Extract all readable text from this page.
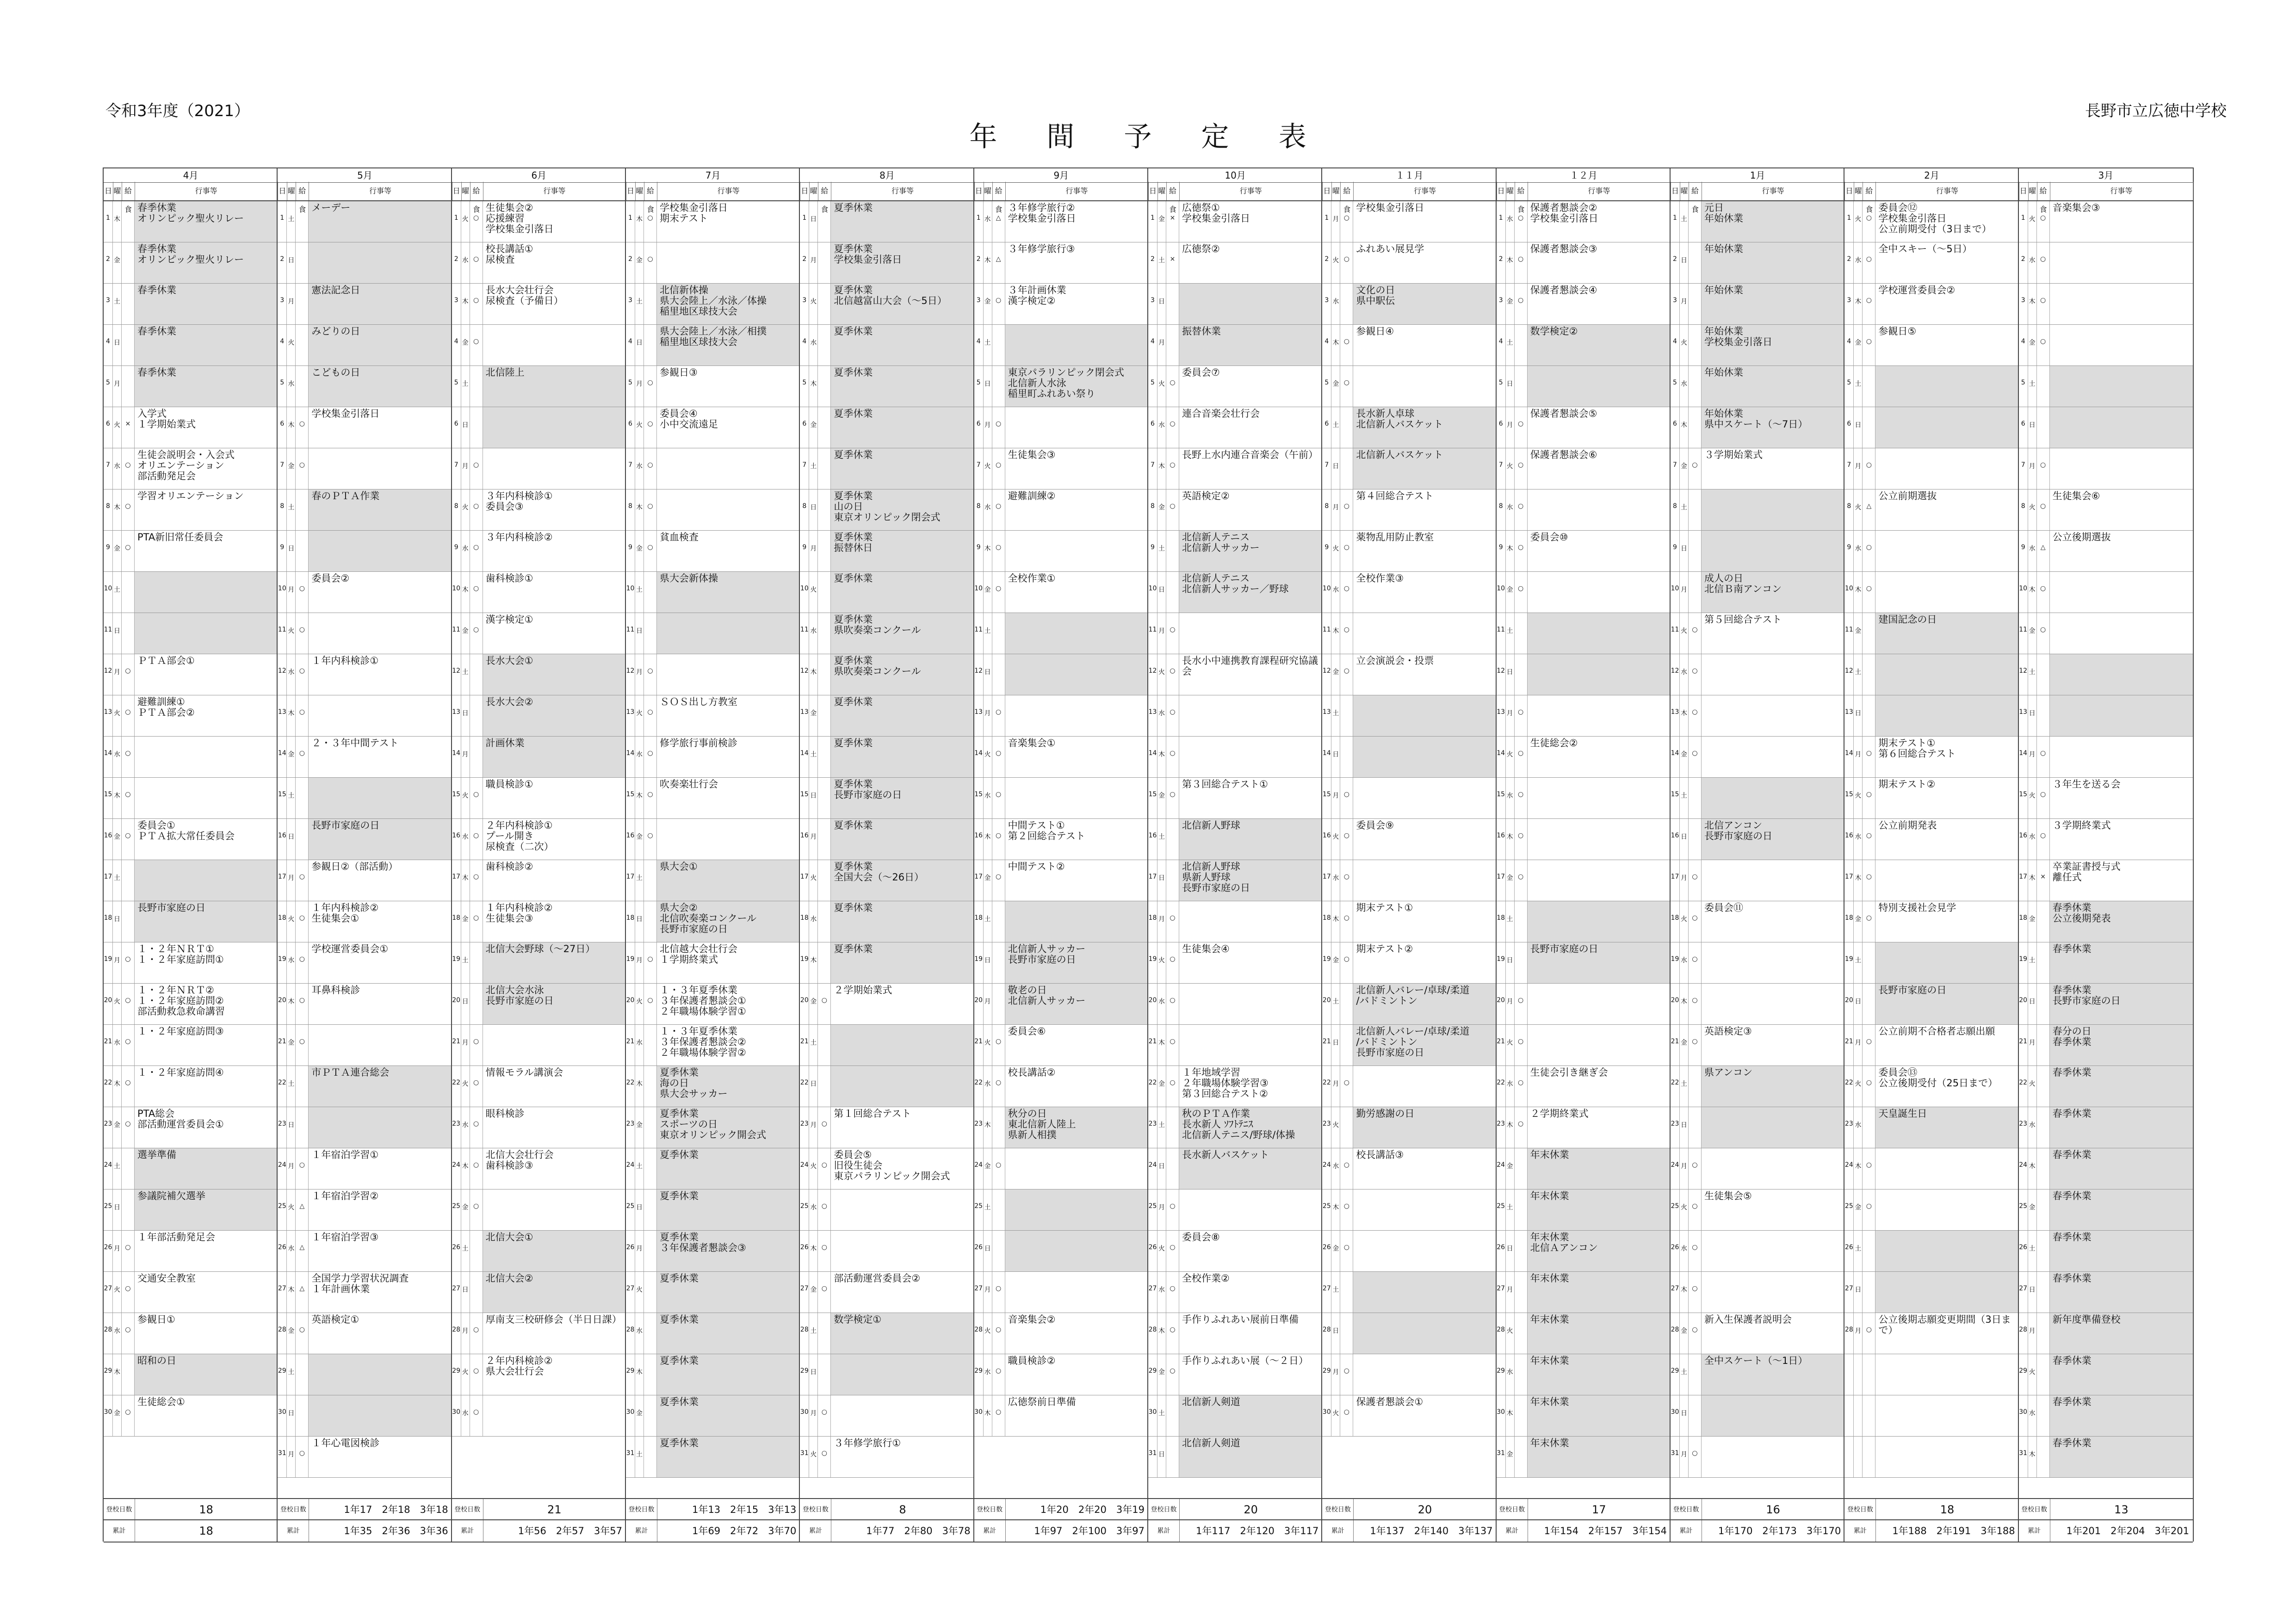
令和3年度（2021）
年 間 予 定 表
長野市立広徳中学校
4月
日 曜 給食
行事等
1 木
春季休業
オリンピック聖火リレー
2 金
春季休業
オリンピック聖火リレー
3 土
春季休業
4 日
春季休業
5 月
春季休業
6 火 ×
入学式
１学期始業式
7 水 ○
生徒会説明会・入会式
オリエンテーション
部活動発足会
8 木 ○
学習オリエンテーション
9 金 ○
PTA新旧常任委員会
10 土
11 日
12 月 ○
ＰＴＡ部会①
13 火 ○
避難訓練①
ＰＴＡ部会②
14 水 ○
15 木 ○
16 金 ○
委員会①
ＰＴＡ拡大常任委員会
17 土
18 日
長野市家庭の日
19 月 ○
１・２年ＮＲＴ①
１・２年家庭訪問①
20 火 ○
１・２年ＮＲＴ②
１・２年家庭訪問②
部活動救急救命講習
21 水 ○
１・２年家庭訪問③
22 木 ○
１・２年家庭訪問④
23 金 ○
PTA総会
部活動運営委員会①
24 土
選挙準備
25 日
参議院補欠選挙
26 月 ○
１年部活動発足会
27 火 ○
交通安全教室
28 水 ○
参観日①
29 木
昭和の日
30 金 ○
生徒総会①
登校日数	18
累計	18
5月
日 曜 給食
行事等
1 土
メーデー
2 日
3 月
憲法記念日
4 火
みどりの日
5 水
こどもの日
6 木 ○
学校集金引落日
7 金 ○
8 土
春のＰＴＡ作業
9 日
10 月 ○
委員会②
11 火 ○
12 水 ○
１年内科検診①
13 木 ○
14 金 ○
２・３年中間テスト
15 土
16 日
長野市家庭の日
17 月 ○
参観日②（部活動）
18 火 ○
１年内科検診②
生徒集会①
19 水 ○
学校運営委員会①
20 木 ○
耳鼻科検診
21 金 ○
22 土
市ＰＴＡ連合総会
23 日
24 月 ○
１年宿泊学習①
25 火 △
１年宿泊学習②
26 水 △
１年宿泊学習③
27 木 △
全国学力学習状況調査
１年計画休業
28 金 ○
英語検定①
29 土
30 日
31 月 ○
１年心電図検診
登校日数	1年17　2年18　3年18
累計	1年35　2年36　3年36
6月
日 曜 給食
行事等
1 火 ○
生徒集会②
応援練習
学校集金引落日
2 水 ○
校長講話①
尿検査
3 木 ○
長水大会壮行会
尿検査（予備日）
4 金 ○
5 土
北信陸上
6 日
7 月 ○
8 火 ○
３年内科検診①
委員会③
9 水 ○
３年内科検診②
10 木 ○
歯科検診①
11 金 ○
漢字検定①
12 土
長水大会①
13 日
長水大会②
14 月
計画休業
15 火 ○
職員検診①
16 水 ○
２年内科検診①
プール開き
尿検査（二次）
17 木 ○
歯科検診②
18 金 ○
１年内科検診②
生徒集会③
19 土
北信大会野球（～27日）
20 日
北信大会水泳
長野市家庭の日
21 月 ○
22 火 ○
情報モラル講演会
23 水 ○
眼科検診
24 木 ○
北信大会壮行会
歯科検診③
25 金 ○
26 土
北信大会①
27 日
北信大会②
28 月 ○
厚南支三校研修会（半日日課）
29 火 ○
２年内科検診②
県大会壮行会
30 水 ○
登校日数	21
累計	1年56　2年57　3年57
7月
日 曜 給食
行事等
1 木 ○
学校集金引落日
期末テスト
2 金 ○
3 土
北信新体操
県大会陸上／水泳／体操
稲里地区球技大会
4 日
県大会陸上／水泳／相撲
稲里地区球技大会
5 月 ○
参観日③
6 火 ○
委員会④
小中交流遠足
7 水 ○
8 木 ○
9 金 ○
貧血検査
10 土
県大会新体操
11 日
12 月 ○
13 火 ○
ＳＯＳ出し方教室
14 水 ○
修学旅行事前検診
15 木 ○
吹奏楽壮行会
16 金 ○
17 土
県大会①
18 日
県大会②
北信吹奏楽コンクール
長野市家庭の日
19 月 ○
北信越大会壮行会
１学期終業式
20 火 ○
１・３年夏季休業
３年保護者懇談会①
２年職場体験学習①
21 水
１・３年夏季休業
３年保護者懇談会②
２年職場体験学習②
22 木
夏季休業
海の日
県大会サッカー
23 金
夏季休業
スポーツの日
東京オリンピック開会式
24 土
夏季休業
25 日
夏季休業
26 月
夏季休業
３年保護者懇談会③
27 火
夏季休業
28 水
夏季休業
29 木
夏季休業
30 金
夏季休業
31 土
夏季休業
登校日数	1年13　2年15　3年13
累計	1年69　2年72　3年70
8月
日 曜 給食
行事等
1 日
夏季休業
2 月
夏季休業
学校集金引落日
3 火
夏季休業
北信越富山大会（～5日）
4 水
夏季休業
5 木
夏季休業
6 金
夏季休業
7 土
夏季休業
8 日
夏季休業
山の日
東京オリンピック閉会式
9 月
夏季休業
振替休日
10 火
夏季休業
11 水
夏季休業
県吹奏楽コンクール
12 木
夏季休業
県吹奏楽コンクール
13 金
夏季休業
14 土
夏季休業
15 日
夏季休業
長野市家庭の日
16 月
夏季休業
17 火
夏季休業
全国大会（～26日）
18 水
夏季休業
19 木
夏季休業
20 金 ○
２学期始業式
21 土
22 日
23 月 ○
第１回総合テスト
24 火 ○
委員会⑤
旧役生徒会
東京パラリンピック開会式
25 水 ○
26 木 ○
27 金 ○
部活動運営委員会②
28 土
数学検定①
29 日
30 月 ○
31 火 ○
３年修学旅行①
登校日数	8
累計	1年77　2年80　3年78
9月
日 曜 給食
行事等
1 水 △
３年修学旅行②
学校集金引落日
2 木 △
３年修学旅行③
3 金 ○
３年計画休業
漢字検定②
4 土
5 日
東京パラリンピック閉会式
北信新人水泳
稲里町ふれあい祭り
6 月 ○
7 火 ○
生徒集会③
8 水 ○
避難訓練②
9 木 ○
10 金 ○
全校作業①
11 土
12 日
13 月 ○
14 火 ○
音楽集会①
15 水 ○
16 木 ○
中間テスト①
第２回総合テスト
17 金 ○
中間テスト②
18 土
19 日
北信新人サッカー
長野市家庭の日
20 月
敬老の日
北信新人サッカー
21 火 ○
委員会⑥
22 水 ○
校長講話②
23 木
秋分の日
東北信新人陸上
県新人相撲
24 金 ○
25 土
26 日
27 月 ○
28 火 ○
音楽集会②
29 水 ○
職員検診②
30 木 ○
広徳祭前日準備
登校日数	1年20　2年20　3年19
累計	1年97　2年100　3年97
10月
日 曜 給食
行事等
1 金 ×
広徳祭①
学校集金引落日
2 土 ×
広徳祭②
3 日
4 月
振替休業
5 火 ○
委員会⑦
6 水 ○
連合音楽会壮行会
7 木 ○
長野上水内連合音楽会（午前）
8 金 ○
英語検定②
9 土
北信新人テニス
北信新人サッカー
10 日
北信新人テニス
北信新人サッカー／野球
11 月 ○
12 火 ○
長水小中連携教育課程研究協議会
13 水 ○
14 木 ○
15 金 ○
第３回総合テスト①
16 土
北信新人野球
17 日
北信新人野球
県新人野球
長野市家庭の日
18 月 ○
19 火 ○
生徒集会④
20 水 ○
21 木 ○
22 金 ○
１年地域学習
２年職場体験学習③
第３回総合テスト②
23 土
秋のＰＴＡ作業
長水新人 ｿﾌﾄﾃﾆｽ
北信新人テニス/野球/体操
24 日
長水新人バスケット
25 月 ○
26 火 ○
委員会⑧
27 水 ○
全校作業②
28 木 ○
手作りふれあい展前日準備
29 金 ○
手作りふれあい展（～２日）
30 土
北信新人剣道
31 日
北信新人剣道
登校日数	20
累計	1年117　2年120　3年117
１１月
日 曜 給食
行事等
1 月 ○
学校集金引落日
2 火 ○
ふれあい展見学
3 水
文化の日
県中駅伝
4 木 ○
参観日④
5 金 ○
6 土
長水新人卓球
北信新人バスケット
7 日
北信新人バスケット
8 月 ○
第４回総合テスト
9 火 ○
薬物乱用防止教室
10 水 ○
全校作業③
11 木 ○
12 金 ○
立会演説会・投票
13 土
14 日
15 月 ○
16 火 ○
委員会⑨
17 水 ○
18 木 ○
期末テスト①
19 金 ○
期末テスト②
20 土
北信新人バレー/卓球/柔道
/バドミントン
21 日
北信新人バレー/卓球/柔道
/バドミントン
長野市家庭の日
22 月 ○
23 火
勤労感謝の日
24 水 ○
校長講話③
25 木 ○
26 金 ○
27 土
28 日
29 月 ○
30 火 ○
保護者懇談会①
登校日数	20
累計	1年137　2年140　3年137
１２月
日 曜 給食
行事等
1 水 ○
保護者懇談会②
学校集金引落日
2 木 ○
保護者懇談会③
3 金 ○
保護者懇談会④
4 土
数学検定②
5 日
6 月 ○
保護者懇談会⑤
7 火 ○
保護者懇談会⑥
8 水 ○
9 木 ○
委員会⑩
10 金 ○
11 土
12 日
13 月 ○
14 火 ○
生徒総会②
15 水 ○
16 木 ○
17 金 ○
18 土
19 日
長野市家庭の日
20 月 ○
21 火 ○
22 水 ○
生徒会引き継ぎ会
23 木 ○
２学期終業式
24 金
年末休業
25 土
年末休業
26 日
年末休業
北信Ａアンコン
27 月
年末休業
28 火
年末休業
29 水
年末休業
30 木
年末休業
31 金
年末休業
登校日数	17
累計	1年154　2年157　3年154
1月
日 曜 給食
行事等
1 土
元日
年始休業
2 日
年始休業
3 月
年始休業
4 火
年始休業
学校集金引落日
5 水
年始休業
6 木
年始休業
県中スケート（～7日）
7 金 ○
３学期始業式
8 土
9 日
10 月
成人の日
北信Ｂ南アンコン
11 火 ○
第５回総合テスト
12 水 ○
13 木 ○
14 金 ○
15 土
16 日
北信アンコン
長野市家庭の日
17 月 ○
18 火 ○
委員会⑪
19 水 ○
20 木 ○
21 金 ○
英語検定③
22 土
県アンコン
23 日
24 月 ○
25 火 ○
生徒集会⑤
26 水 ○
27 木 ○
28 金 ○
新入生保護者説明会
29 土
全中スケート（～1日）
30 日
31 月 ○
登校日数	16
累計	1年170　2年173　3年170
2月
日 曜 給食
行事等
1 火 ○
委員会⑫
学校集金引落日
公立前期受付（3日まで）
2 水 ○
全中スキー（～5日）
3 木 ○
学校運営委員会②
4 金 ○
参観日⑤
5 土
6 日
7 月 ○
8 火 △
公立前期選抜
9 水 ○
10 木 ○
11 金
建国記念の日
12 土
13 日
14 月 ○
期末テスト①
第６回総合テスト
15 火 ○
期末テスト②
16 水 ○
公立前期発表
17 木 ○
18 金 ○
特別支援社会見学
19 土
20 日
長野市家庭の日
21 月 ○
公立前期不合格者志願出願
22 火 ○
委員会⑬
公立後期受付（25日まで）
23 水
天皇誕生日
24 木 ○
25 金 ○
26 土
27 日
28 月 ○
公立後期志願変更期間（3日まで）
登校日数	18
累計	1年188　2年191　3年188
3月
日 曜 給食
行事等
1 火 ○
音楽集会③
2 水 ○
3 木 ○
4 金 ○
5 土
6 日
7 月 ○
8 火 ○
生徒集会⑥
9 水 △
公立後期選抜
10 木 ○
11 金 ○
12 土
13 日
14 月 ○
15 火 ○
３年生を送る会
16 水 ○
３学期終業式
17 木 ×
卒業証書授与式
離任式
18 金
春季休業
公立後期発表
19 土
春季休業
20 日
春季休業
長野市家庭の日
21 月
春分の日
春季休業
22 火
春季休業
23 水
春季休業
24 木
春季休業
25 金
春季休業
26 土
春季休業
27 日
春季休業
28 月
新年度準備登校
29 火
春季休業
30 水
春季休業
31 木
春季休業
登校日数	13
累計	1年201　2年204　3年201
